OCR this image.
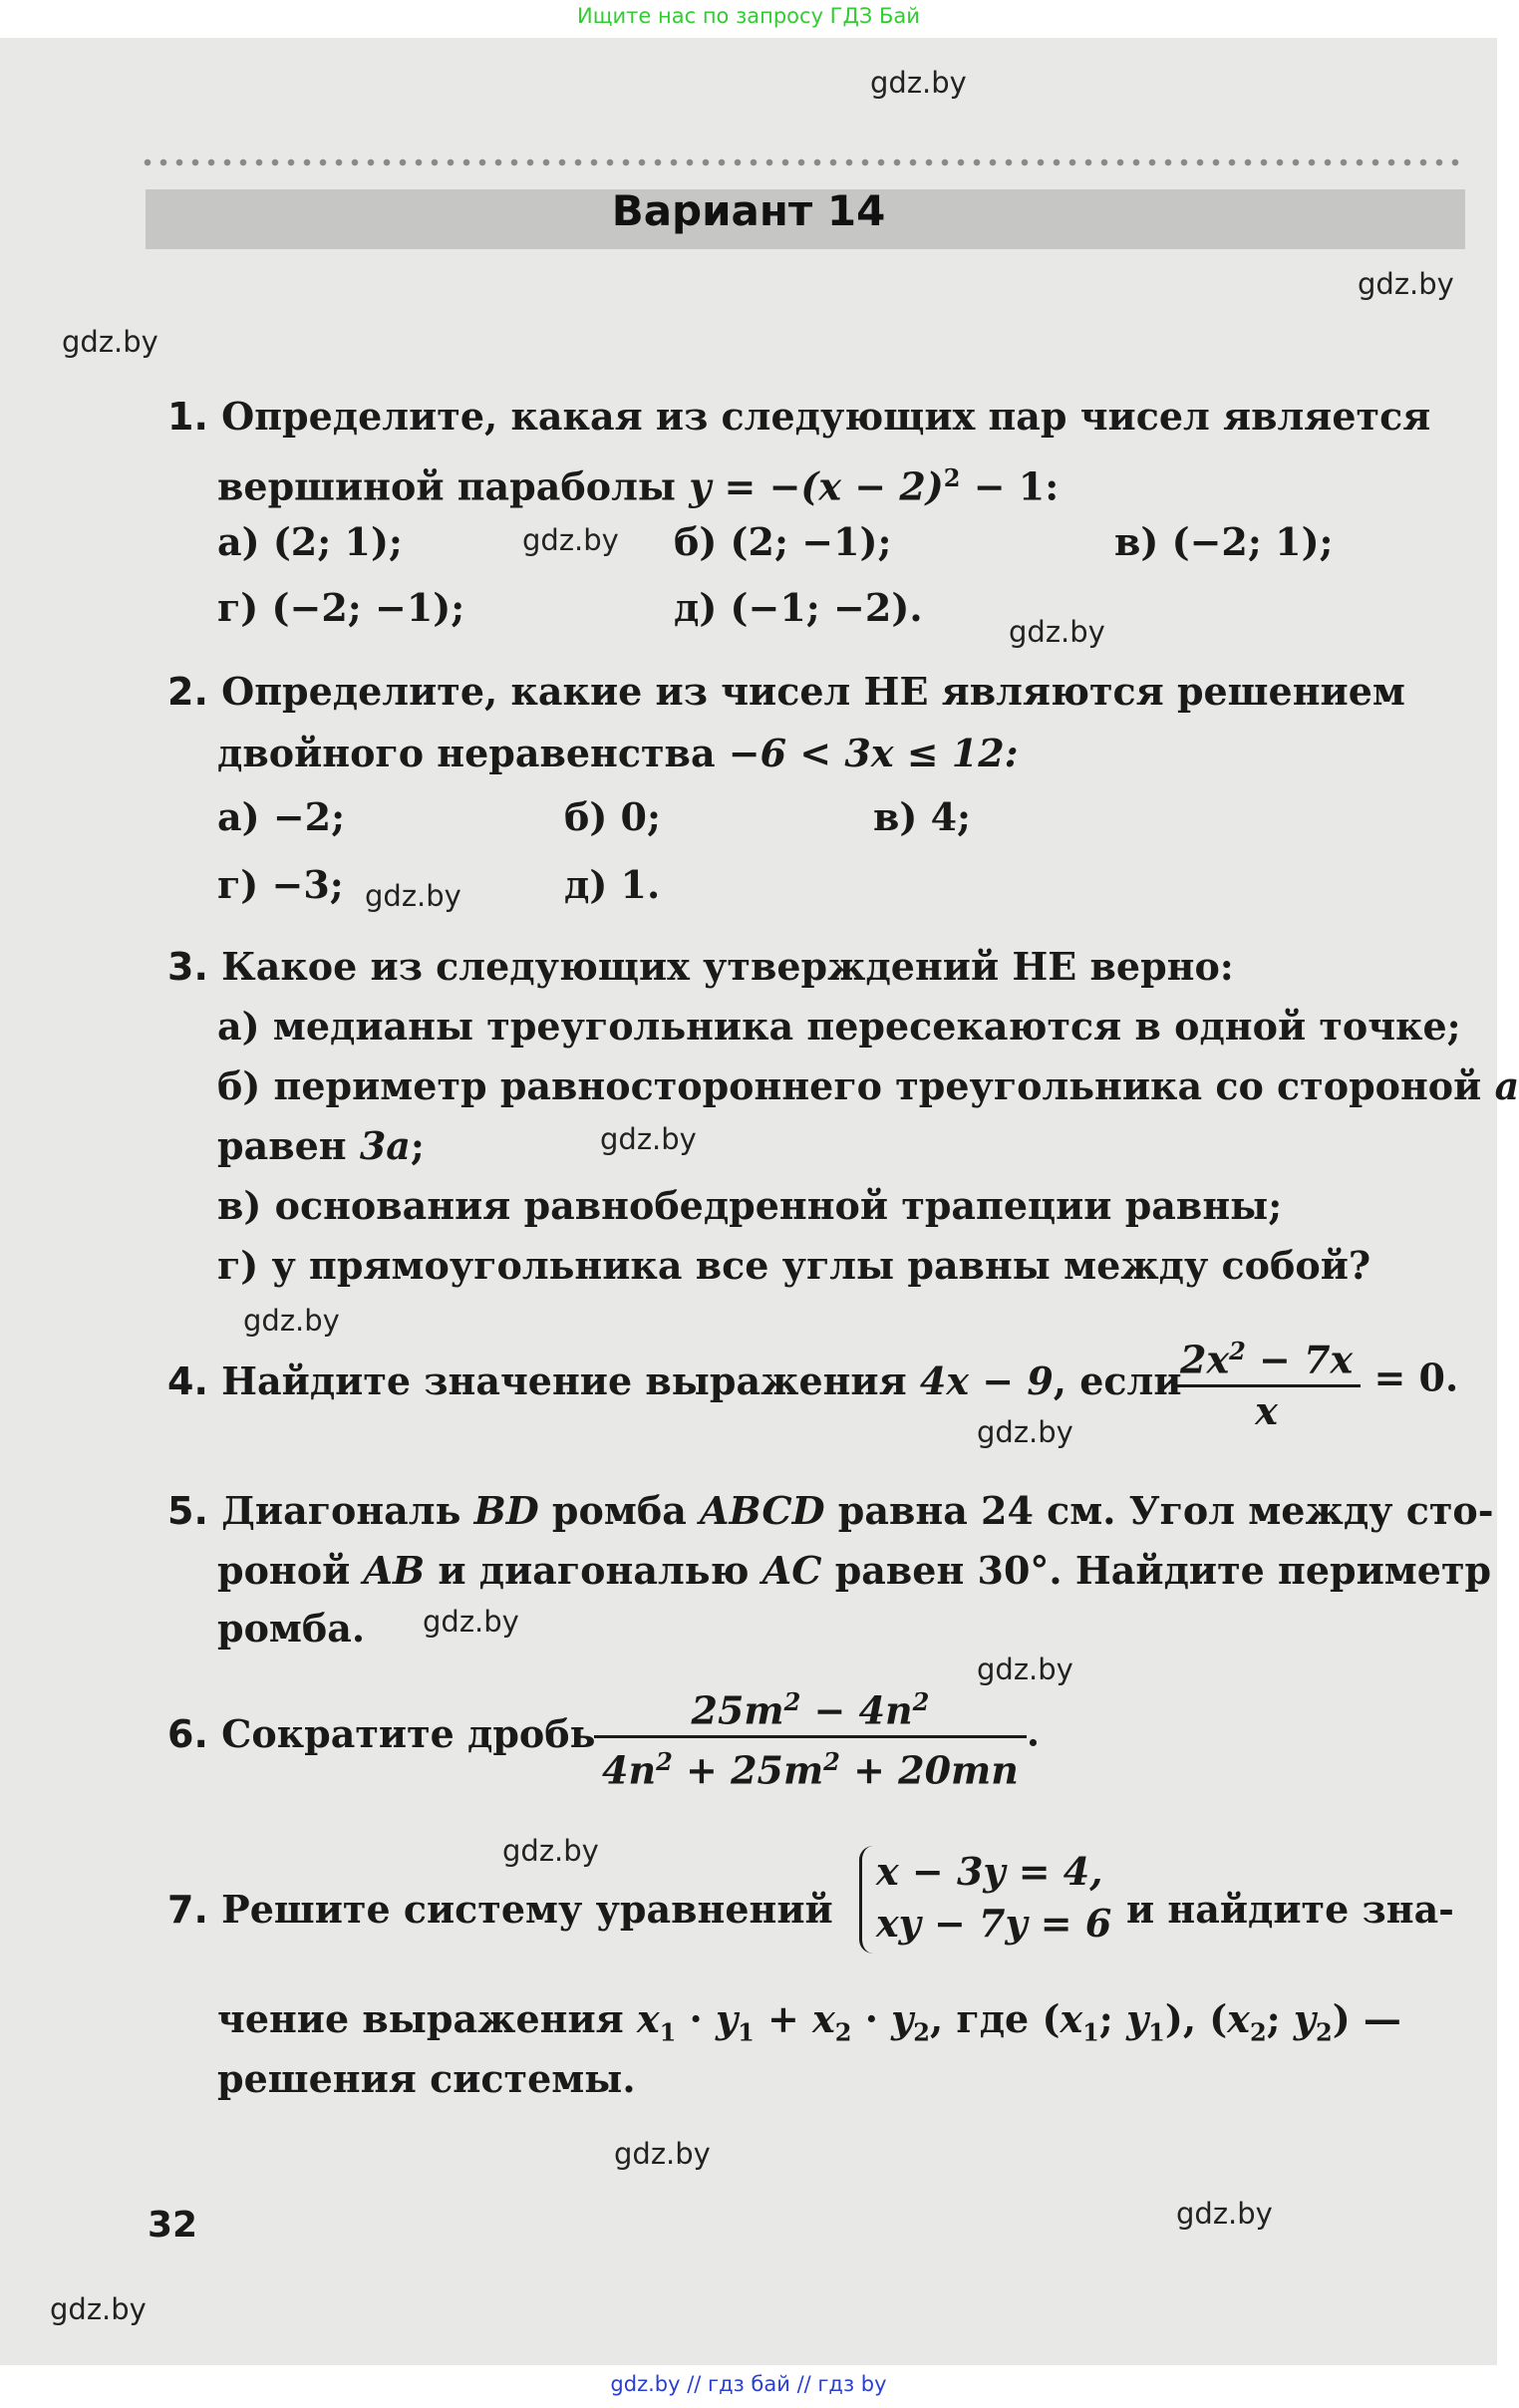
Ищите нас по запросу ГДЗ Бай
gdz.by
gdz.by
gdz.by
gdz.by
gdz.by
gdz.by
gdz.by
gdz.by
gdz.by
gdz.by
gdz.by
gdz.by
gdz.by
gdz.by
gdz.by
Вариант 14
1. Определите, какая из следующих пар чисел является
вершиной параболы $y = -(x - 2)^2 - 1$:
а) (2; 1);	б) (2; −1);	в) (−2; 1);
г) (−2; −1);	д) (−1; −2).
2. Определите, какие из чисел НЕ являются решением
двойного неравенства −6 < 3x ≤ 12:
а) −2;	б) 0;	в) 4;
г) −3;	д) 1.
3. Какое из следующих утверждений НЕ верно:
а) медианы треугольника пересекаются в одной точке;
б) периметр равностороннего треугольника со стороной a
равен 3a;
в) основания равнобедренной трапеции равны;
г) у прямоугольника все углы равны между собой?
4. Найдите значение выражения 4x − 9, если
$\frac{2x^2 - 7x}{x} = 0$.
5. Диагональ BD ромба ABCD равна 24 см. Угол между сто-
роной AB и диагональю AC равен 30°. Найдите периметр
ромба.
6. Сократите дробь
$\frac{25m^2 - 4n^2}{4n^2 + 25m^2 + 20mn}$ .
7. Решите систему уравнений
x − 3y = 4,
xy − 7y = 6 и найдите зна-
чение выражения $x_1 \cdot y_1 + x_2 \cdot y_2$, где ($x_1$; $y_1$), ($x_2$; $y_2$) —
решения системы.
32
gdz.by // гдз бай // гдз by
